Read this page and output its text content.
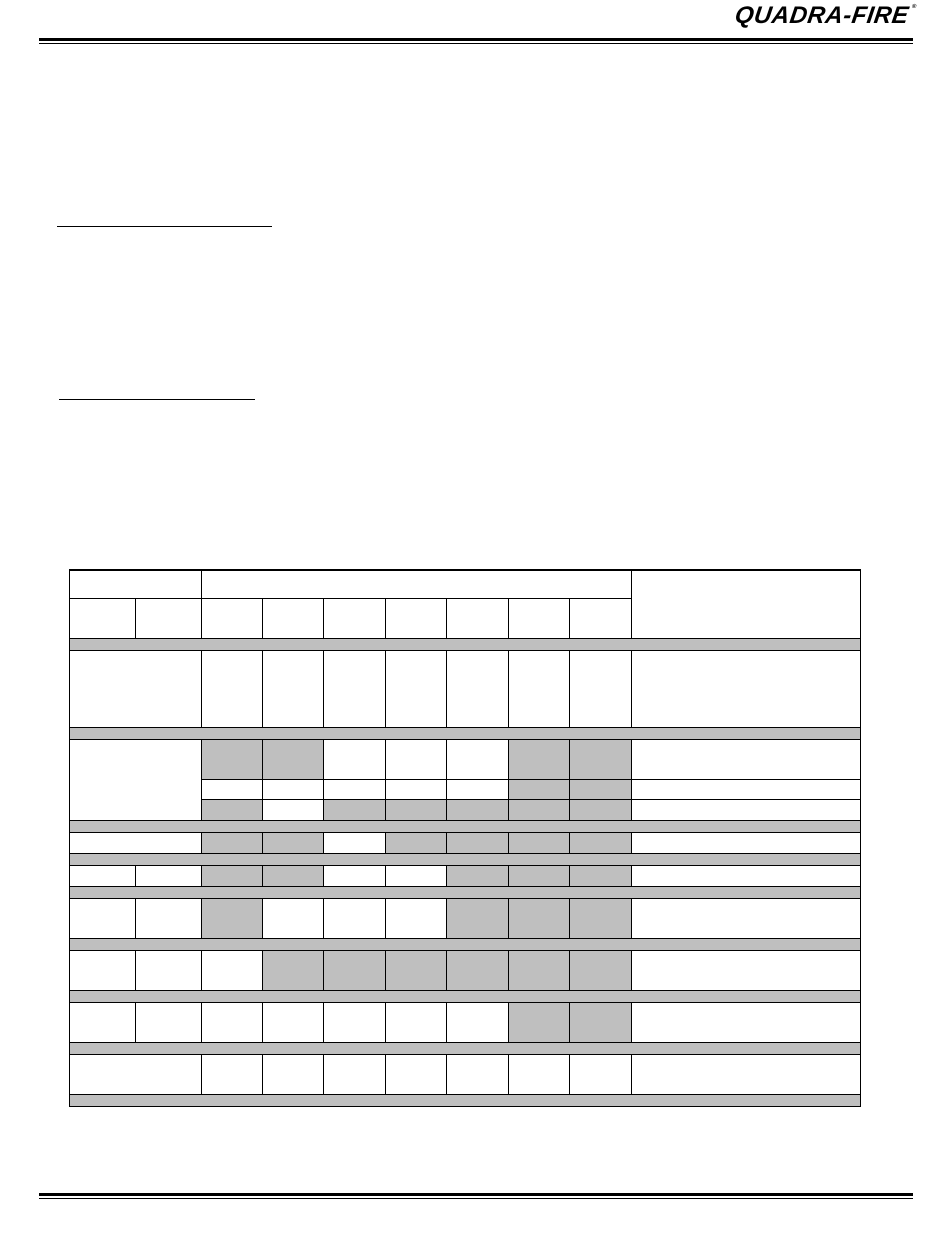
QUADRA-FIRE®
